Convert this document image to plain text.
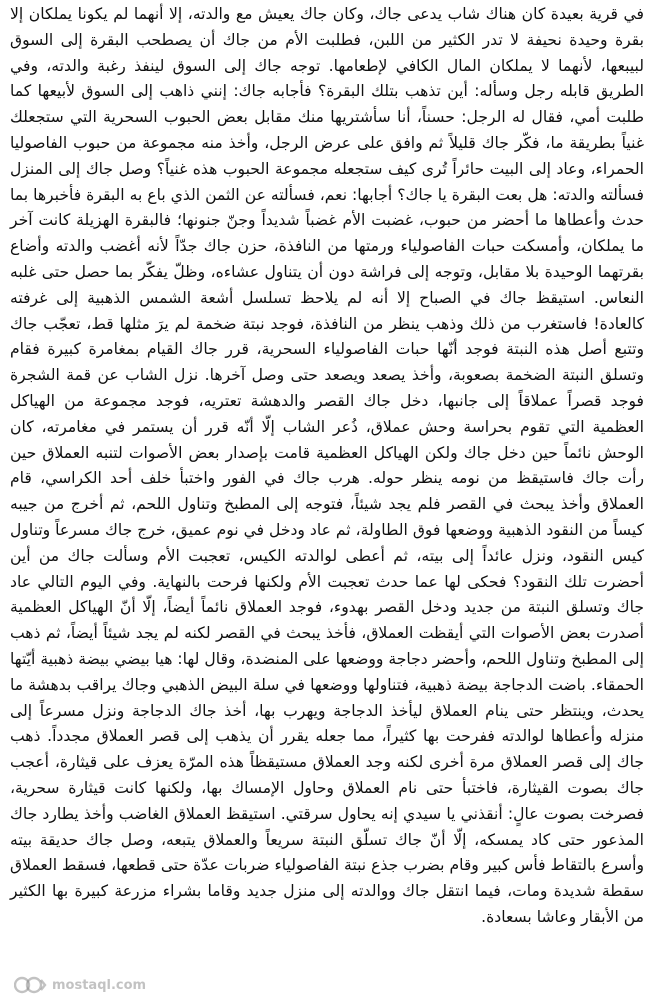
في قرية بعيدة كان هناك شاب يدعى جاك، وكان جاك يعيش مع والدته، إلا أنهما لم يكونا يملكان إلا بقرة وحيدة نحيفة لا تدر الكثير من اللبن، فطلبت الأم من جاك أن يصطحب البقرة إلى السوق لبيبعها، لأنهما لا يملكان المال الكافي لإطعامها. توجه جاك إلى السوق لينفذ رغبة والدته، وفي الطريق قابله رجل وسأله: أين تذهب بتلك البقرة؟ فأجابه جاك: إنني ذاهب إلى السوق لأبيعها كما طلبت أمي، فقال له الرجل: حسناً، أنا سأشتريها منك مقابل بعض الحبوب السحرية التي ستجعلك غنياً بطريقة ما، فكّر جاك قليلاً ثم وافق على عرض الرجل، وأخذ منه مجموعة من حبوب الفاصوليا الحمراء، وعاد إلى البيت حائراً تُرى كيف ستجعله مجموعة الحبوب هذه غنياً؟ وصل جاك إلى المنزل فسألته والدته: هل بعت البقرة يا جاك؟ أجابها: نعم، فسألته عن الثمن الذي باع به البقرة فأخبرها بما حدث وأعطاها ما أحضر من حبوب، غضبت الأم غضباً شديداً وجنّ جنونها؛ فالبقرة الهزيلة كانت آخر ما يملكان، وأمسكت حبات الفاصولياء ورمتها من النافذة، حزن جاك جدّاً لأنه أغضب والدته وأضاع بقرتهما الوحيدة بلا مقابل، وتوجه إلى فراشة دون أن يتناول عشاءه، وظلّ يفكّر بما حصل حتى غلبه النعاس. استيقظ جاك في الصباح إلا أنه لم يلاحظ تسلسل أشعة الشمس الذهبية إلى غرفته كالعادة! فاستغرب من ذلك وذهب ينظر من النافذة، فوجد نبتة ضخمة لم يرَ مثلها قط، تعجّب جاك وتتبع أصل هذه النبتة فوجد أنّها حبات الفاصولياء السحرية، قرر جاك القيام بمغامرة كبيرة فقام وتسلق النبتة الضخمة بصعوبة، وأخذ يصعد ويصعد حتى وصل آخرها. نزل الشاب عن قمة الشجرة فوجد قصراً عملاقاً إلى جانبها، دخل جاك القصر والدهشة تعتريه، فوجد مجموعة من الهياكل العظمية التي تقوم بحراسة وحش عملاق، ذُعر الشاب إلّا أنّه قرر أن يستمر في مغامرته، كان الوحش نائماً حين دخل جاك ولكن الهياكل العظمية قامت بإصدار بعض الأصوات لتنبه العملاق حين رأت جاك فاستيقظ من نومه ينظر حوله. هرب جاك في الفور واختبأ خلف أحد الكراسي، قام العملاق وأخذ يبحث في القصر فلم يجد شيئاً، فتوجه إلى المطبخ وتناول اللحم، ثم أخرج من جيبه كيساً من النقود الذهبية ووضعها فوق الطاولة، ثم عاد ودخل في نوم عميق، خرج جاك مسرعاً وتناول كيس النقود، ونزل عائداً إلى بيته، ثم أعطى لوالدته الكيس، تعجبت الأم وسألت جاك من أين أحضرت تلك النقود؟ فحكى لها عما حدث تعجبت الأم ولكنها فرحت بالنهاية. وفي اليوم التالي عاد جاك وتسلق النبتة من جديد ودخل القصر بهدوء، فوجد العملاق نائماً أيضاً، إلّا أنّ الهياكل العظمية أصدرت بعض الأصوات التي أيقظت العملاق، فأخذ يبحث في القصر لكنه لم يجد شيئاً أيضاً، ثم ذهب إلى المطبخ وتناول اللحم، وأحضر دجاجة ووضعها على المنضدة، وقال لها: هيا بيضي بيضة ذهبية أيّتها الحمقاء. باضت الدجاجة بيضة ذهبية، فتناولها ووضعها في سلة البيض الذهبي وجاك يراقب بدهشة ما يحدث، وينتظر حتى ينام العملاق ليأخذ الدجاجة ويهرب بها، أخذ جاك الدجاجة ونزل مسرعاً إلى منزله وأعطاها لوالدته ففرحت بها كثيراً، مما جعله يقرر أن يذهب إلى قصر العملاق مجدداً. ذهب جاك إلى قصر العملاق مرة أخرى لكنه وجد العملاق مستيقظاً هذه المرّة يعزف على قيثارة، أعجب جاك بصوت القيثارة، فاختبأ حتى نام العملاق وحاول الإمساك بها، ولكنها كانت قيثارة سحرية، فصرخت بصوت عالٍ: أنقذني يا سيدي إنه يحاول سرقتي. استيقظ العملاق الغاضب وأخذ يطارد جاك المذعور حتى كاد يمسكه، إلّا أنّ جاك تسلّق النبتة سريعاً والعملاق يتبعه، وصل جاك حديقة بيته وأسرع بالتقاط فأس كبير وقام بضرب جذع نبتة الفاصولياء ضربات عدّة حتى قطعها، فسقط العملاق سقطة شديدة ومات، فيما انتقل جاك ووالدته إلى منزل جديد وقاما بشراء مزرعة كبيرة بها الكثير من الأبقار وعاشا بسعادة.

mostaql.com
